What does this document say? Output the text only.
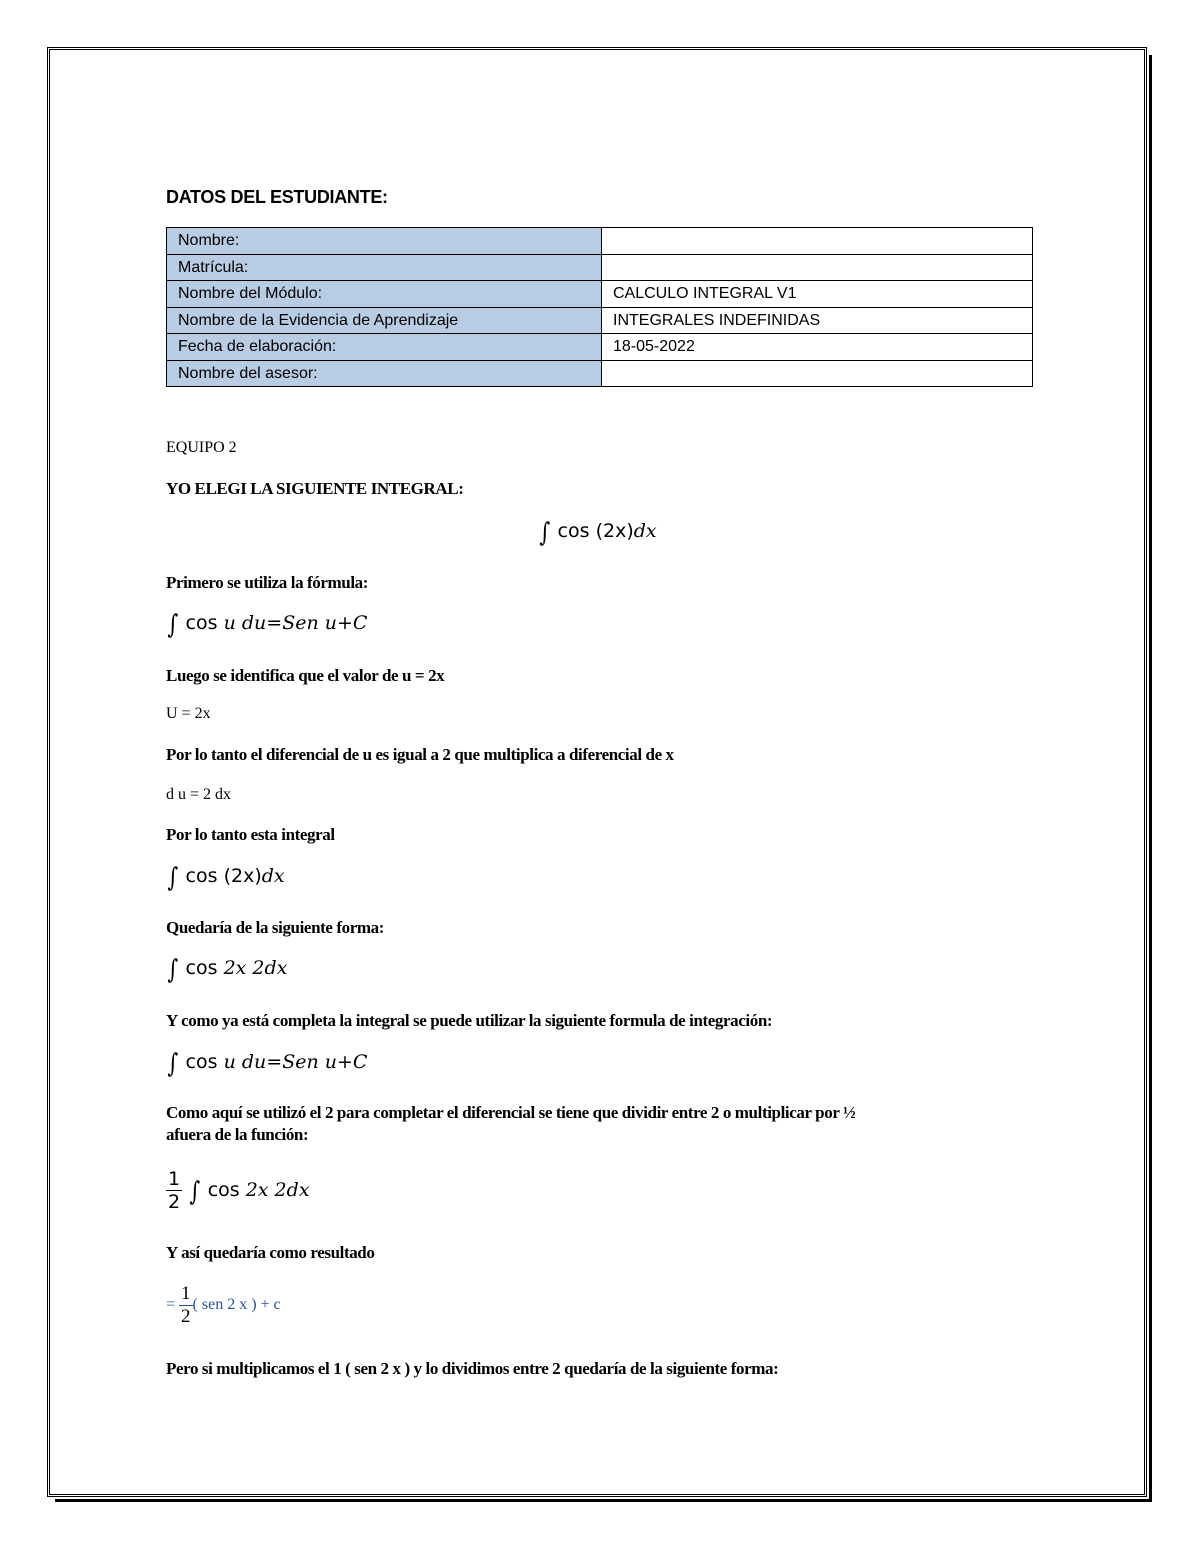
DATOS DEL ESTUDIANTE:
Nombre:	
Matrícula:	
Nombre del Módulo:	CALCULO INTEGRAL V1
Nombre de la Evidencia de Aprendizaje	INTEGRALES INDEFINIDAS
Fecha de elaboración:	18-05-2022
Nombre del asesor:	
EQUIPO 2
YO ELEGI LA SIGUIENTE INTEGRAL:
∫ cos (2x)dx
Primero se utiliza la fórmula:
∫ cos u du=Sen u+C
Luego se identifica que el valor de u = 2x
U = 2x
Por lo tanto el diferencial de u es igual a 2 que multiplica a diferencial de x
d u = 2 dx
Por lo tanto esta integral
∫ cos (2x)dx
Quedaría de la siguiente forma:
∫ cos 2x 2dx
Y como ya está completa la integral se puede utilizar la siguiente formula de integración:
∫ cos u du=Sen u+C
Como aquí se utilizó el 2 para completar el diferencial se tiene que dividir entre 2 o multiplicar por ½
afuera de la función:
$\frac{1}{2}$ ∫ cos 2x 2dx
Y así quedaría como resultado
= $\frac{1}{2}$ ( sen 2 x ) + c
Pero si multiplicamos el 1 ( sen 2 x ) y lo dividimos entre 2 quedaría de la siguiente forma:
